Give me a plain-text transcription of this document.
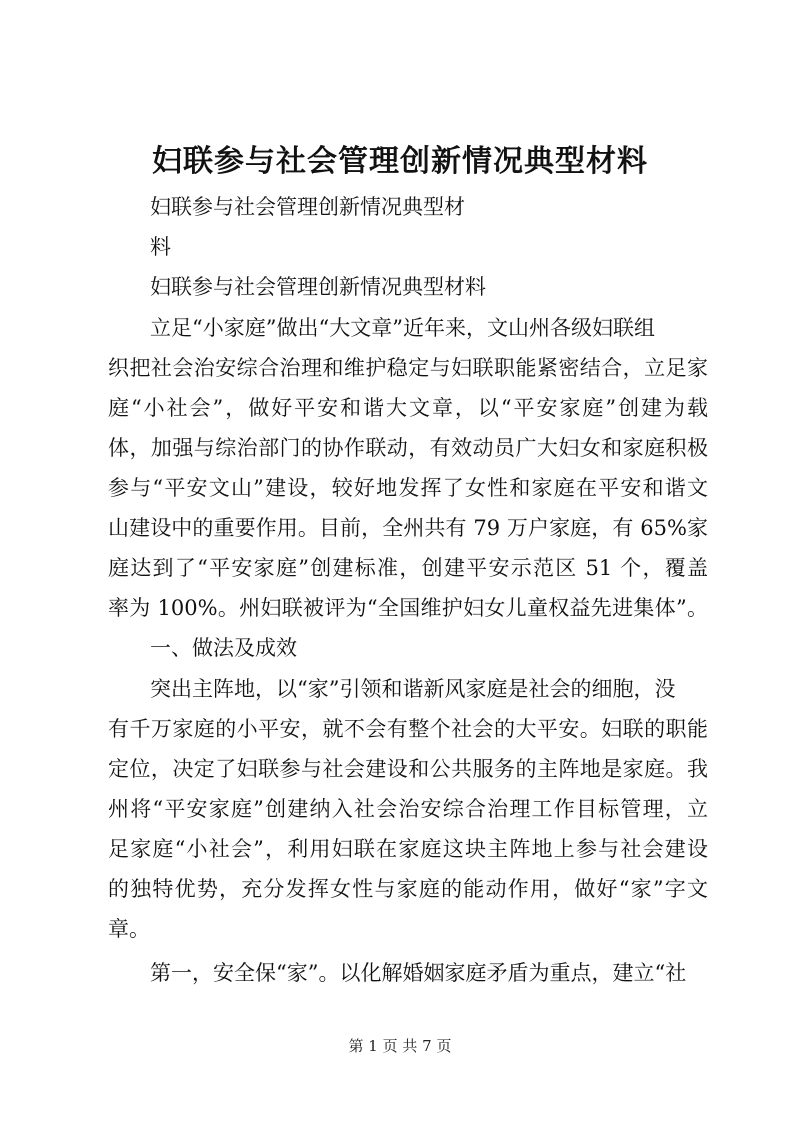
妇联参与社会管理创新情况典型材料
妇联参与社会管理创新情况典型材
料
妇联参与社会管理创新情况典型材料
立足“小家庭”做出“大文章”近年来，文山州各级妇联组
织把社会治安综合治理和维护稳定与妇联职能紧密结合，立足家
庭“小社会”，做好平安和谐大文章，以“平安家庭”创建为载
体，加强与综治部门的协作联动，有效动员广大妇女和家庭积极
参与“平安文山”建设，较好地发挥了女性和家庭在平安和谐文
山建设中的重要作用。目前，全州共有 79 万户家庭，有 65%家
庭达到了“平安家庭”创建标准，创建平安示范区 51 个，覆盖
率为 100%。州妇联被评为“全国维护妇女儿童权益先进集体”。
一、做法及成效
突出主阵地，以“家”引领和谐新风家庭是社会的细胞，没
有千万家庭的小平安，就不会有整个社会的大平安。妇联的职能
定位，决定了妇联参与社会建设和公共服务的主阵地是家庭。我
州将“平安家庭”创建纳入社会治安综合治理工作目标管理，立
足家庭“小社会”，利用妇联在家庭这块主阵地上参与社会建设
的独特优势，充分发挥女性与家庭的能动作用，做好“家”字文
章。
第一，安全保“家”。以化解婚姻家庭矛盾为重点，建立“社
第 1 页 共 7 页
